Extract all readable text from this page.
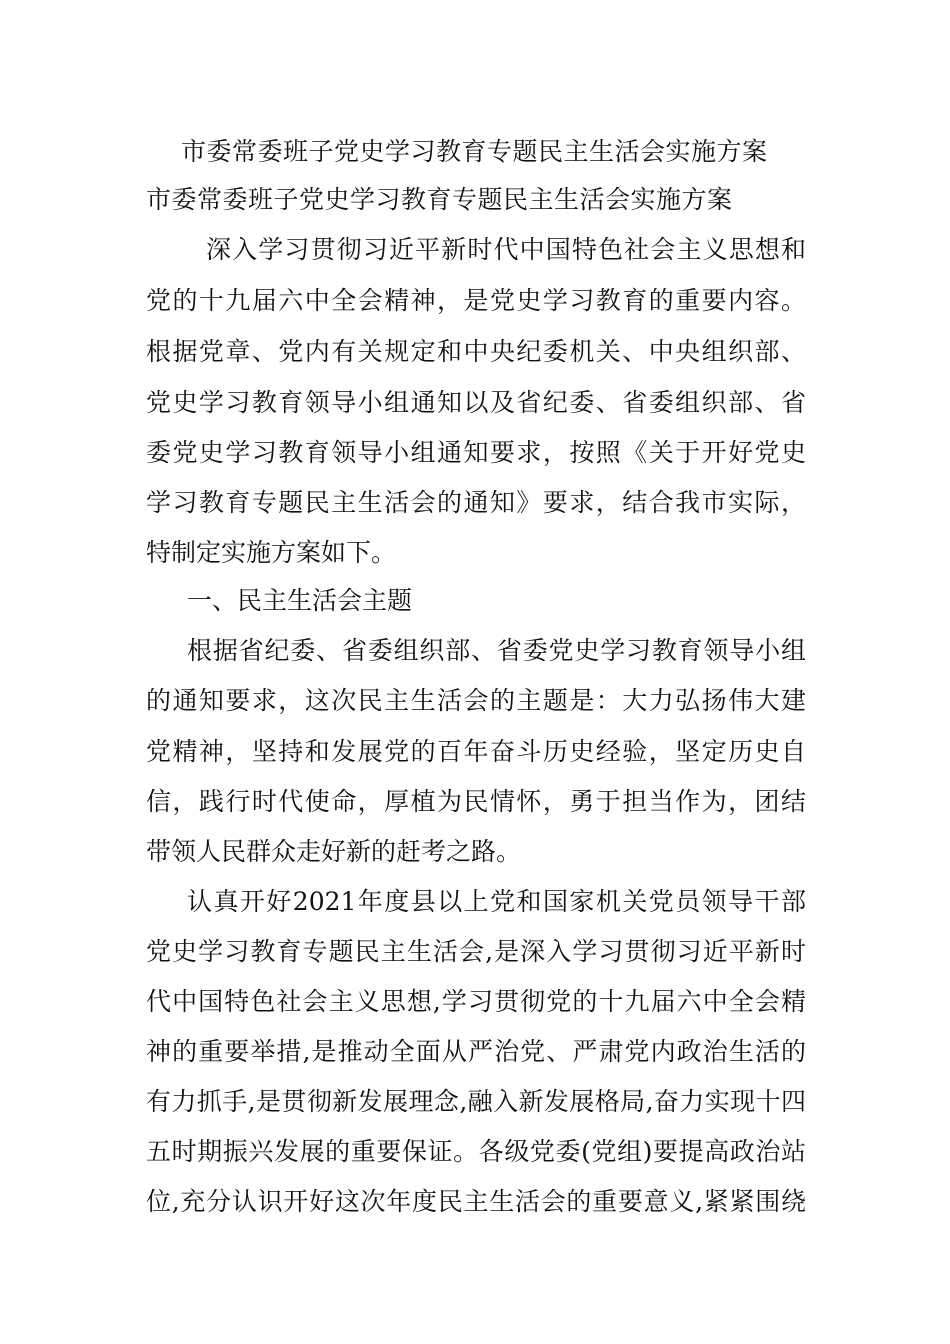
市委常委班子党史学习教育专题民主生活会实施方案
市委常委班子党史学习教育专题民主生活会实施方案
深入学习贯彻习近平新时代中国特色社会主义思想和
党的十九届六中全会精神，是党史学习教育的重要内容。
根据党章、党内有关规定和中央纪委机关、中央组织部、
党史学习教育领导小组通知以及省纪委、省委组织部、省
委党史学习教育领导小组通知要求，按照《关于开好党史
学习教育专题民主生活会的通知》要求，结合我市实际，
特制定实施方案如下。
一、民主生活会主题
根据省纪委、省委组织部、省委党史学习教育领导小组
的通知要求，这次民主生活会的主题是：大力弘扬伟大建
党精神，坚持和发展党的百年奋斗历史经验，坚定历史自
信，践行时代使命，厚植为民情怀，勇于担当作为，团结
带领人民群众走好新的赶考之路。
认真开好2021年度县以上党和国家机关党员领导干部
党史学习教育专题民主生活会,是深入学习贯彻习近平新时
代中国特色社会主义思想,学习贯彻党的十九届六中全会精
神的重要举措,是推动全面从严治党、严肃党内政治生活的
有力抓手,是贯彻新发展理念,融入新发展格局,奋力实现十四
五时期振兴发展的重要保证。各级党委(党组)要提高政治站
位,充分认识开好这次年度民主生活会的重要意义,紧紧围绕
